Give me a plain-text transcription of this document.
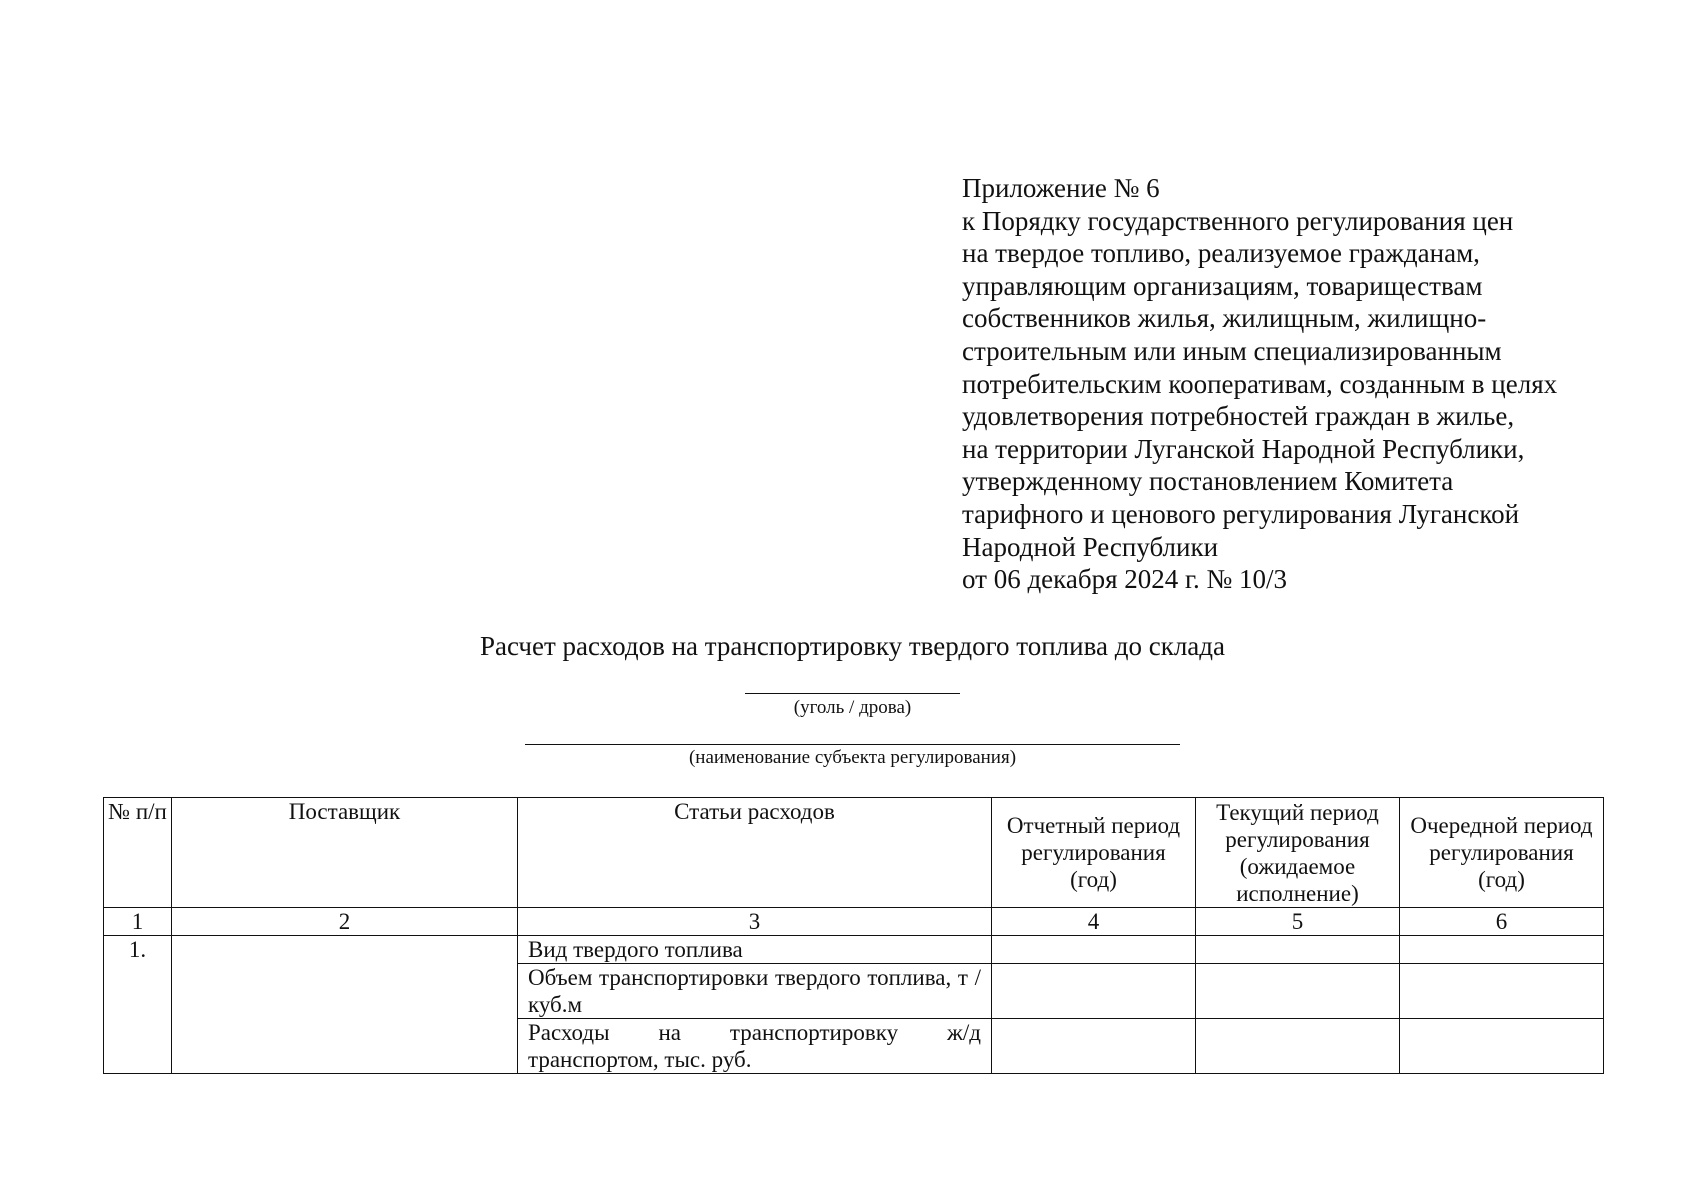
Приложение № 6
к Порядку государственного регулирования цен
на твердое топливо, реализуемое гражданам,
управляющим организациям, товариществам
собственников жилья, жилищным, жилищно-
строительным или иным специализированным
потребительским кооперативам, созданным в целях
удовлетворения потребностей граждан в жилье,
на территории Луганской Народной Республики,
утвержденному постановлением Комитета
тарифного и ценового регулирования Луганской
Народной Республики
от 06 декабря 2024 г. № 10/3
Расчет расходов на транспортировку твердого топлива до склада
(уголь / дрова)
(наименование субъекта регулирования)
№ п/п	Поставщик	Статьи расходов	Отчетный период регулирования (год)	Текущий период регулирования (ожидаемое исполнение)	Очередной период регулирования (год)
1	2	3	4	5	6
1.		Вид твердого топлива			
		Объем транспортировки твердого топлива, т / куб.м			
		Расходы на транспортировку ж/д транспортом, тыс. руб.			
